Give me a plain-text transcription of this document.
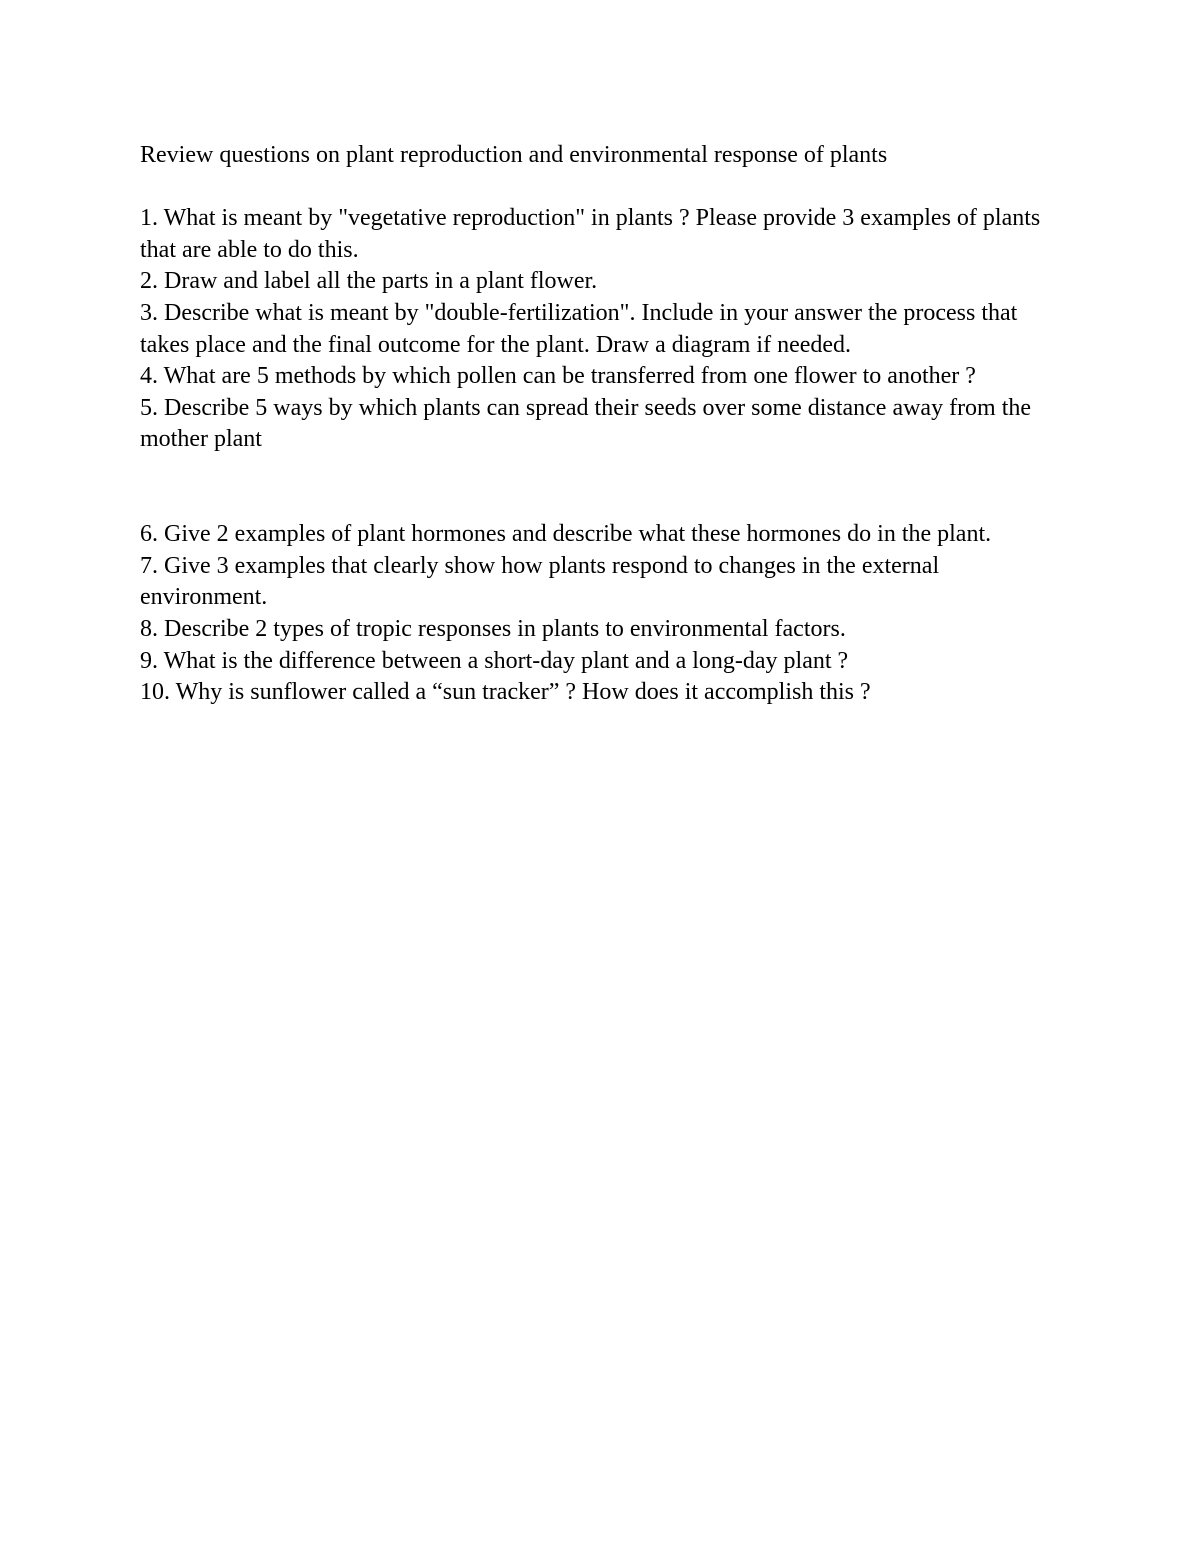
Review questions on plant reproduction and environmental response of plants

1. What is meant by "vegetative reproduction" in plants ? Please provide 3 examples of plants that are able to do this.

2. Draw and label all the parts in a plant flower.

3. Describe what is meant by "double-fertilization". Include in your answer the process that takes place and the final outcome for the plant. Draw a diagram if needed.

4. What are 5 methods by which pollen can be transferred from one flower to another ?

5. Describe 5 ways by which plants can spread their seeds over some distance away from the mother plant

6. Give 2 examples of plant hormones and describe what these hormones do in the plant.

7. Give 3 examples that clearly show how plants respond to changes in the external environment.

8. Describe 2 types of tropic responses in plants to environmental factors.

9. What is the difference between a short-day plant and a long-day plant ?

10. Why is sunflower called a “sun tracker” ? How does it accomplish this ?
